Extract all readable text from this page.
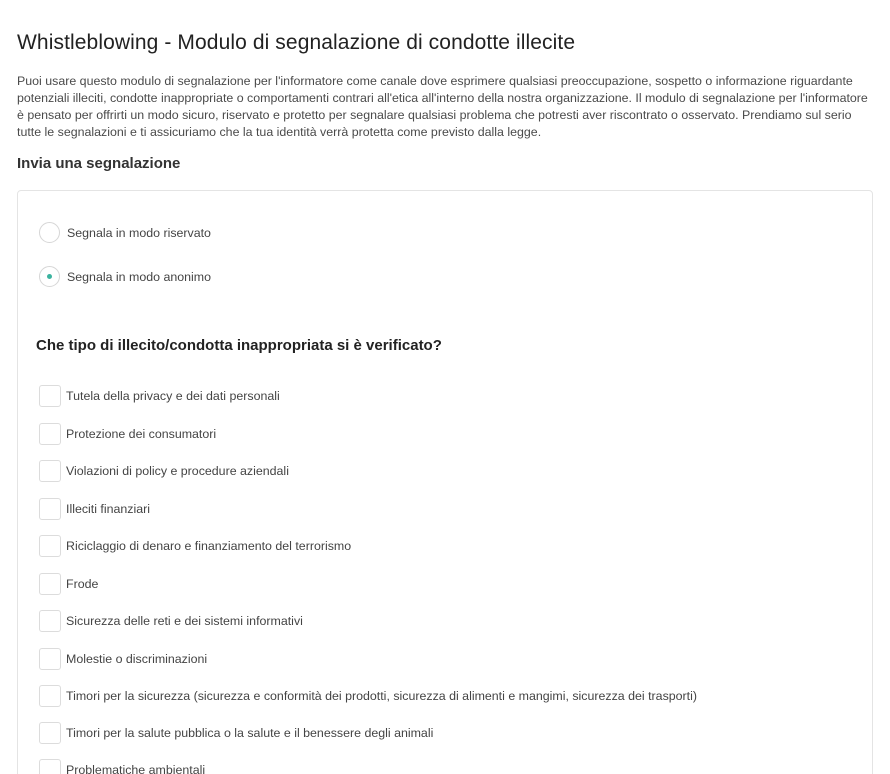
Whistleblowing - Modulo di segnalazione di condotte illecite

Puoi usare questo modulo di segnalazione per l'informatore come canale dove esprimere qualsiasi preoccupazione, sospetto o informazione riguardante potenziali illeciti, condotte inappropriate o comportamenti contrari all'etica all'interno della nostra organizzazione. Il modulo di segnalazione per l'informatore è pensato per offrirti un modo sicuro, riservato e protetto per segnalare qualsiasi problema che potresti aver riscontrato o osservato. Prendiamo sul serio tutte le segnalazioni e ti assicuriamo che la tua identità verrà protetta come previsto dalla legge.

Invia una segnalazione
Segnala in modo riservato
Segnala in modo anonimo
Che tipo di illecito/condotta inappropriata si è verificato?
Tutela della privacy e dei dati personali
Protezione dei consumatori
Violazioni di policy e procedure aziendali
Illeciti finanziari
Riciclaggio di denaro e finanziamento del terrorismo
Frode
Sicurezza delle reti e dei sistemi informativi
Molestie o discriminazioni
Timori per la sicurezza (sicurezza e conformità dei prodotti, sicurezza di alimenti e mangimi, sicurezza dei trasporti)
Timori per la salute pubblica o la salute e il benessere degli animali
Problematiche ambientali
